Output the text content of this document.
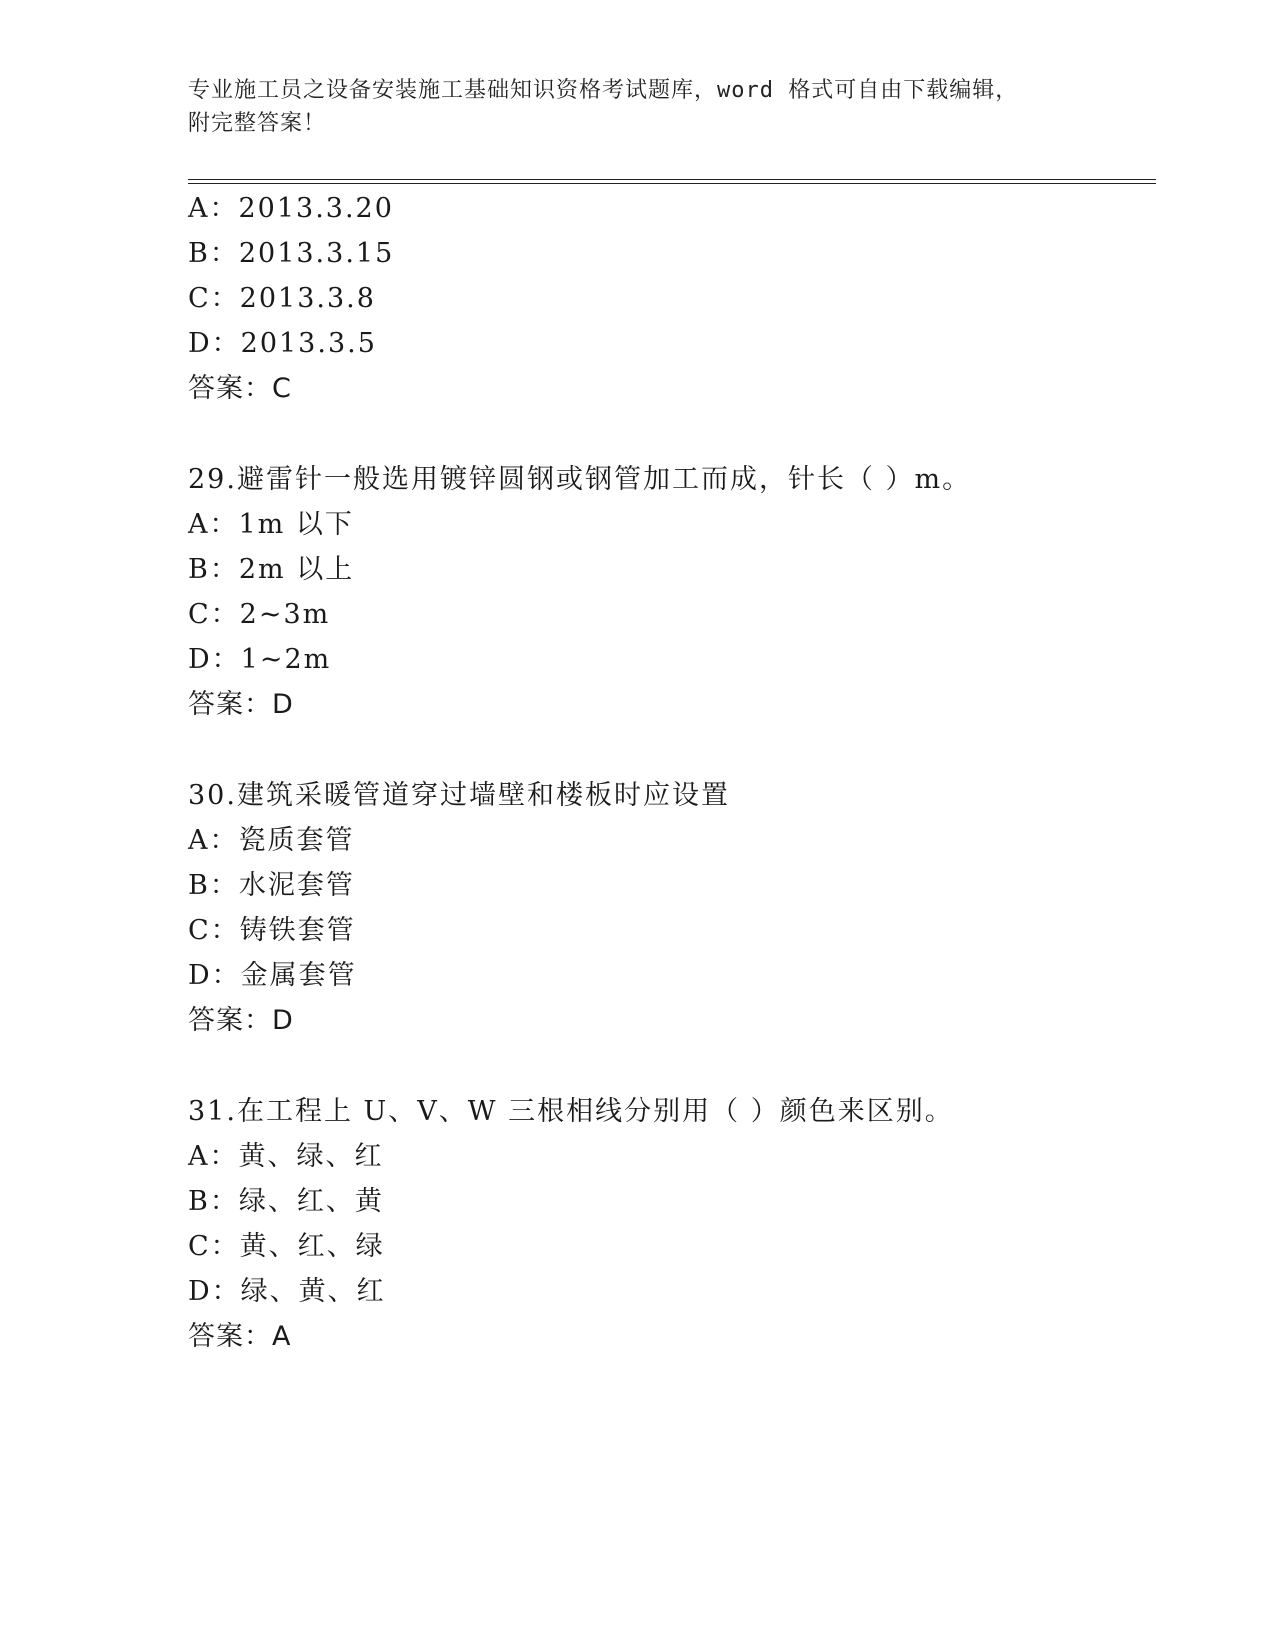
专业施工员之设备安装施工基础知识资格考试题库，word 格式可自由下载编辑，
附完整答案！
A：2013.3.20
B：2013.3.15
C：2013.3.8
D：2013.3.5
答案：C
29.避雷针一般选用镀锌圆钢或钢管加工而成，针长（ ）m。
A：1m 以下
B：2m 以上
C：2~3m
D：1~2m
答案：D
30.建筑采暖管道穿过墙壁和楼板时应设置
A：瓷质套管
B：水泥套管
C：铸铁套管
D：金属套管
答案：D
31.在工程上 U、V、W 三根相线分别用（ ）颜色来区别。
A：黄、绿、红
B：绿、红、黄
C：黄、红、绿
D：绿、黄、红
答案：A
